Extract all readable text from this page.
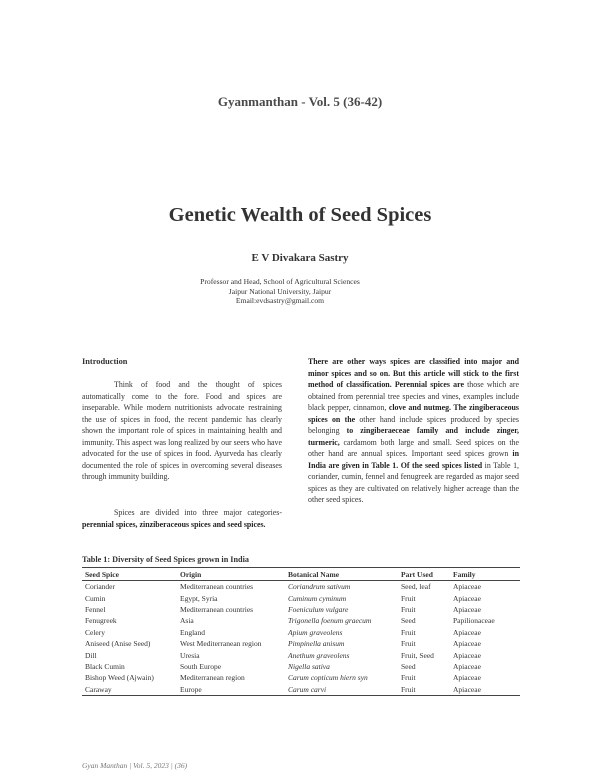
Gyanmanthan - Vol. 5 (36-42)
Genetic Wealth of Seed Spices
E V Divakara Sastry
Professor and Head, School of Agricultural Sciences
Jaipur National University, Jaipur
Email:evdsastry@gmail.com
Introduction

Think of food and the thought of spices automatically come to the fore. Food and spices are inseparable. While modern nutritionists advocate restraining the use of spices in food, the recent pandemic has clearly shown the important role of spices in maintaining health and immunity. This aspect was long realized by our seers who have advocated for the use of spices in food. Ayurveda has clearly documented the role of spices in overcoming several diseases through immunity building.

Spices are divided into three major categories- perennial spices, zinziberaceous spices and seed spices.

There are other ways spices are classified into major and minor spices and so on. But this article will stick to the first method of classification. Perennial spices are those which are obtained from perennial tree species and vines, examples include black pepper, cinnamon, clove and nutmeg. The zingiberaceous spices on the other hand include spices produced by species belonging to zingiberaeceae family and include zinger, turmeric, cardamom both large and small. Seed spices on the other hand are annual spices. Important seed spices grown in India are given in Table 1. Of the seed spices listed in Table 1, coriander, cumin, fennel and fenugreek are regarded as major seed spices as they are cultivated on relatively higher acreage than the other seed spices.

Table 1: Diversity of Seed Spices grown in India
Seed Spice	Origin	Botanical Name	Part Used	Family
Coriander	Mediterranean countries	Coriandrum sativum	Seed, leaf	Apiaceae
Cumin	Egypt, Syria	Cuminum cyminum	Fruit	Apiaceae
Fennel	Mediterranean countries	Foeniculum vulgare	Fruit	Apiaceae
Fenugreek	Asia	Trigonella foenum graecum	Seed	Papilionaceae
Celery	England	Apium graveolens	Fruit	Apiaceae
Aniseed (Anise Seed)	West Mediterranean region	Pimpinella anisum	Fruit	Apiaceae
Dill	Uresia	Anethum graveolens	Fruit, Seed	Apiaceae
Black Cumin	South Europe	Nigella sativa	Seed	Apiaceae
Bishop Weed (Ajwain)	Mediterranean region	Carum copticum hiern syn	Fruit	Apiaceae
Caraway	Europe	Carum carvi	Fruit	Apiaceae
Gyan Manthan | Vol. 5, 2023 | (36)
